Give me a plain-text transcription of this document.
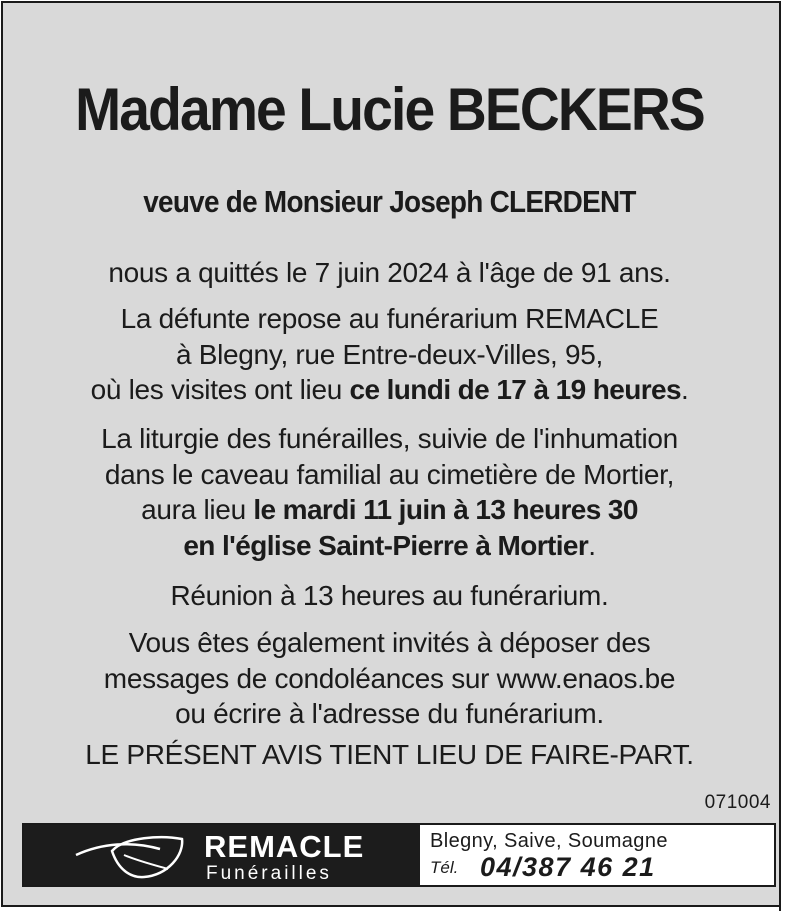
Madame Lucie BECKERS
veuve de Monsieur Joseph CLERDENT
nous a quittés le 7 juin 2024 à l'âge de 91 ans.
La défunte repose au funérarium REMACLE
à Blegny, rue Entre-deux-Villes, 95,
où les visites ont lieu ce lundi de 17 à 19 heures.
La liturgie des funérailles, suivie de l'inhumation
dans le caveau familial au cimetière de Mortier,
aura lieu le mardi 11 juin à 13 heures 30
en l'église Saint-Pierre à Mortier.
Réunion à 13 heures au funérarium.
Vous êtes également invités à déposer des
messages de condoléances sur www.enaos.be
ou écrire à l'adresse du funérarium.
LE PRÉSENT AVIS TIENT LIEU DE FAIRE-PART.
071004
REMACLE
Funérailles
Blegny, Saive, Soumagne
Tél. 04/387 46 21
